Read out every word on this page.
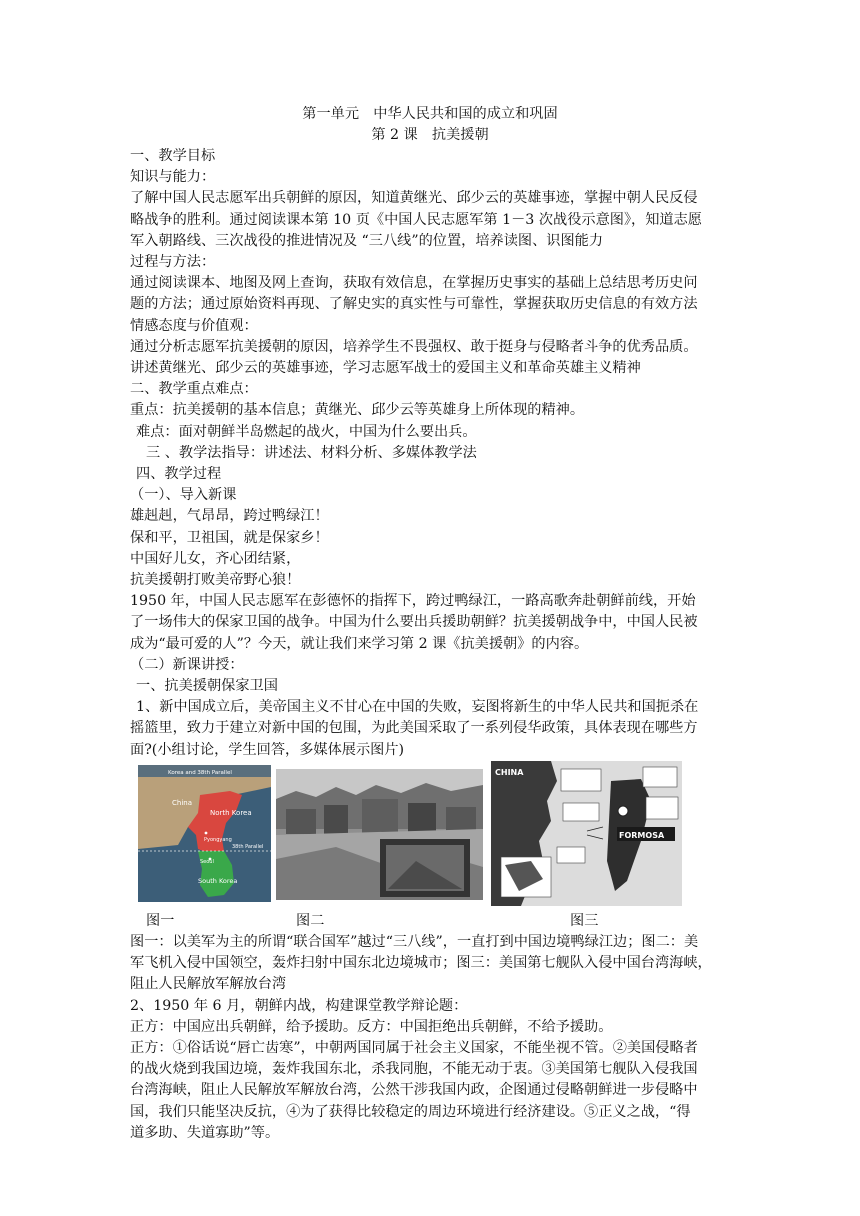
第一单元　中华人民共和国的成立和巩固
第 2 课　抗美援朝

一、教学目标

知识与能力：

了解中国人民志愿军出兵朝鲜的原因，知道黄继光、邱少云的英雄事迹，掌握中朝人民反侵

略战争的胜利。通过阅读课本第 10 页《中国人民志愿军第 1－3 次战役示意图》，知道志愿

军入朝路线、三次战役的推进情况及 “三八线”的位置，培养读图、识图能力

过程与方法：

通过阅读课本、地图及网上查询，获取有效信息，在掌握历史事实的基础上总结思考历史问

题的方法；通过原始资料再现、了解史实的真实性与可靠性，掌握获取历史信息的有效方法

情感态度与价值观：

通过分析志愿军抗美援朝的原因，培养学生不畏强权、敢于挺身与侵略者斗争的优秀品质。

讲述黄继光、邱少云的英雄事迹，学习志愿军战士的爱国主义和革命英雄主义精神

二、教学重点难点：

重点：抗美援朝的基本信息；黄继光、邱少云等英雄身上所体现的精神。

难点：面对朝鲜半岛燃起的战火，中国为什么要出兵。

三 、教学法指导：讲述法、材料分析、多媒体教学法

四、教学过程

（一）、导入新课

雄赳赳，气昂昂，跨过鸭绿江！

保和平，卫祖国，就是保家乡！

中国好儿女，齐心团结紧，

抗美援朝打败美帝野心狼！

1950 年，中国人民志愿军在彭德怀的指挥下，跨过鸭绿江，一路高歌奔赴朝鲜前线，开始

了一场伟大的保家卫国的战争。中国为什么要出兵援助朝鲜？抗美援朝战争中，中国人民被

成为“最可爱的人”？今天，就让我们来学习第 2 课《抗美援朝》的内容。

（二）新课讲授：

一、抗美援朝保家卫国

1、新中国成立后，美帝国主义不甘心在中国的失败，妄图将新生的中华人民共和国扼杀在

摇篮里，致力于建立对新中国的包围，为此美国采取了一系列侵华政策，具体表现在哪些方

面?(小组讨论，学生回答，多媒体展示图片)

Korea and 38th Parallel
China
North Korea
Pyongyang
38th Parallel
Seoul
South Korea
CHINA
FORMOSA
图一	图二	图三

图一：以美军为主的所谓“联合国军”越过“三八线”，一直打到中国边境鸭绿江边；图二：美

军飞机入侵中国领空，轰炸扫射中国东北边境城市；图三：美国第七舰队入侵中国台湾海峡，

阻止人民解放军解放台湾

2、1950 年 6 月，朝鲜内战，构建课堂教学辩论题：

正方：中国应出兵朝鲜，给予援助。反方：中国拒绝出兵朝鲜，不给予援助。

正方：①俗话说“唇亡齿寒”，中朝两国同属于社会主义国家，不能坐视不管。②美国侵略者

的战火烧到我国边境，轰炸我国东北，杀我同胞，不能无动于衷。③美国第七舰队入侵我国

台湾海峡，阻止人民解放军解放台湾，公然干涉我国内政，企图通过侵略朝鲜进一步侵略中

国，我们只能坚决反抗，④为了获得比较稳定的周边环境进行经济建设。⑤正义之战，“得

道多助、失道寡助”等。
